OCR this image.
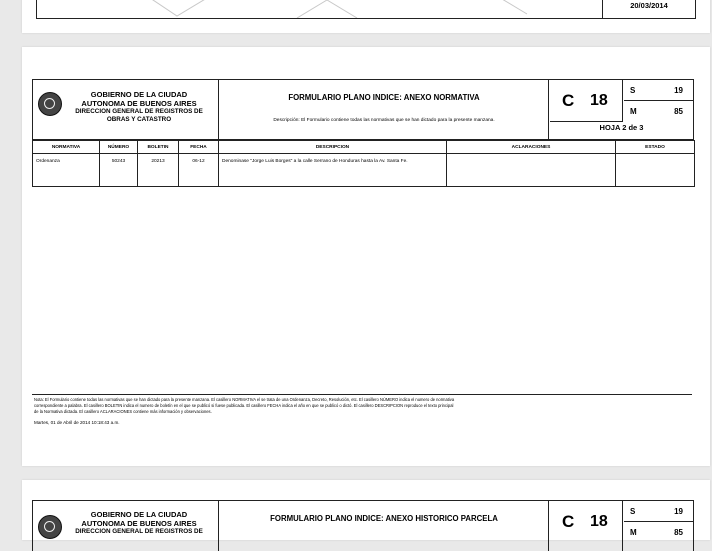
20/03/2014
GOBIERNO DE LA CIUDAD
AUTONOMA DE BUENOS AIRES
DIRECCION GENERAL DE REGISTROS DE
OBRAS Y CATASTRO
FORMULARIO PLANO INDICE: ANEXO NORMATIVA
Descripción: El Formulario contiene todas las normativas que se han dictado para la presente manzana.
C 18
S	19
M	85
HOJA 2 de 3
NORMATIVA	NÚMERO	BOLETIN	FECHA	DESCRIPCION	ACLARACIONES	ESTADO
Ordenanza	50243	20213	06-12	Denominase "Jorge Luis Borges" a la calle Serrano de Honduras hasta la Av. Santa Fe.		
Nota: El Formulario contiene todas las normativas que se han dictado para la presente manzana. El casillero NORMATIVA el se trata de una Ordenanza, Decreto, Resolución, etc. El casillero NÚMERO indica el numero de normativa
correspondiente a palabra. El casillero BOLETIN indica el numero de boletín en el que se publicó si fuese publicada. El casillero FECHA indica el año en que se publicó o dictó. El casillero DESCRIPCION reproduce el texto principal
de la Normativa dictada. El casillero ACLARACIONES contiene más información y observaciones.
Martes, 01 de Abril de 2014 10:18:43 a.m.
GOBIERNO DE LA CIUDAD
AUTONOMA DE BUENOS AIRES
DIRECCION GENERAL DE REGISTROS DE
FORMULARIO PLANO INDICE: ANEXO HISTORICO PARCELA	C 18
S	19
M	85
